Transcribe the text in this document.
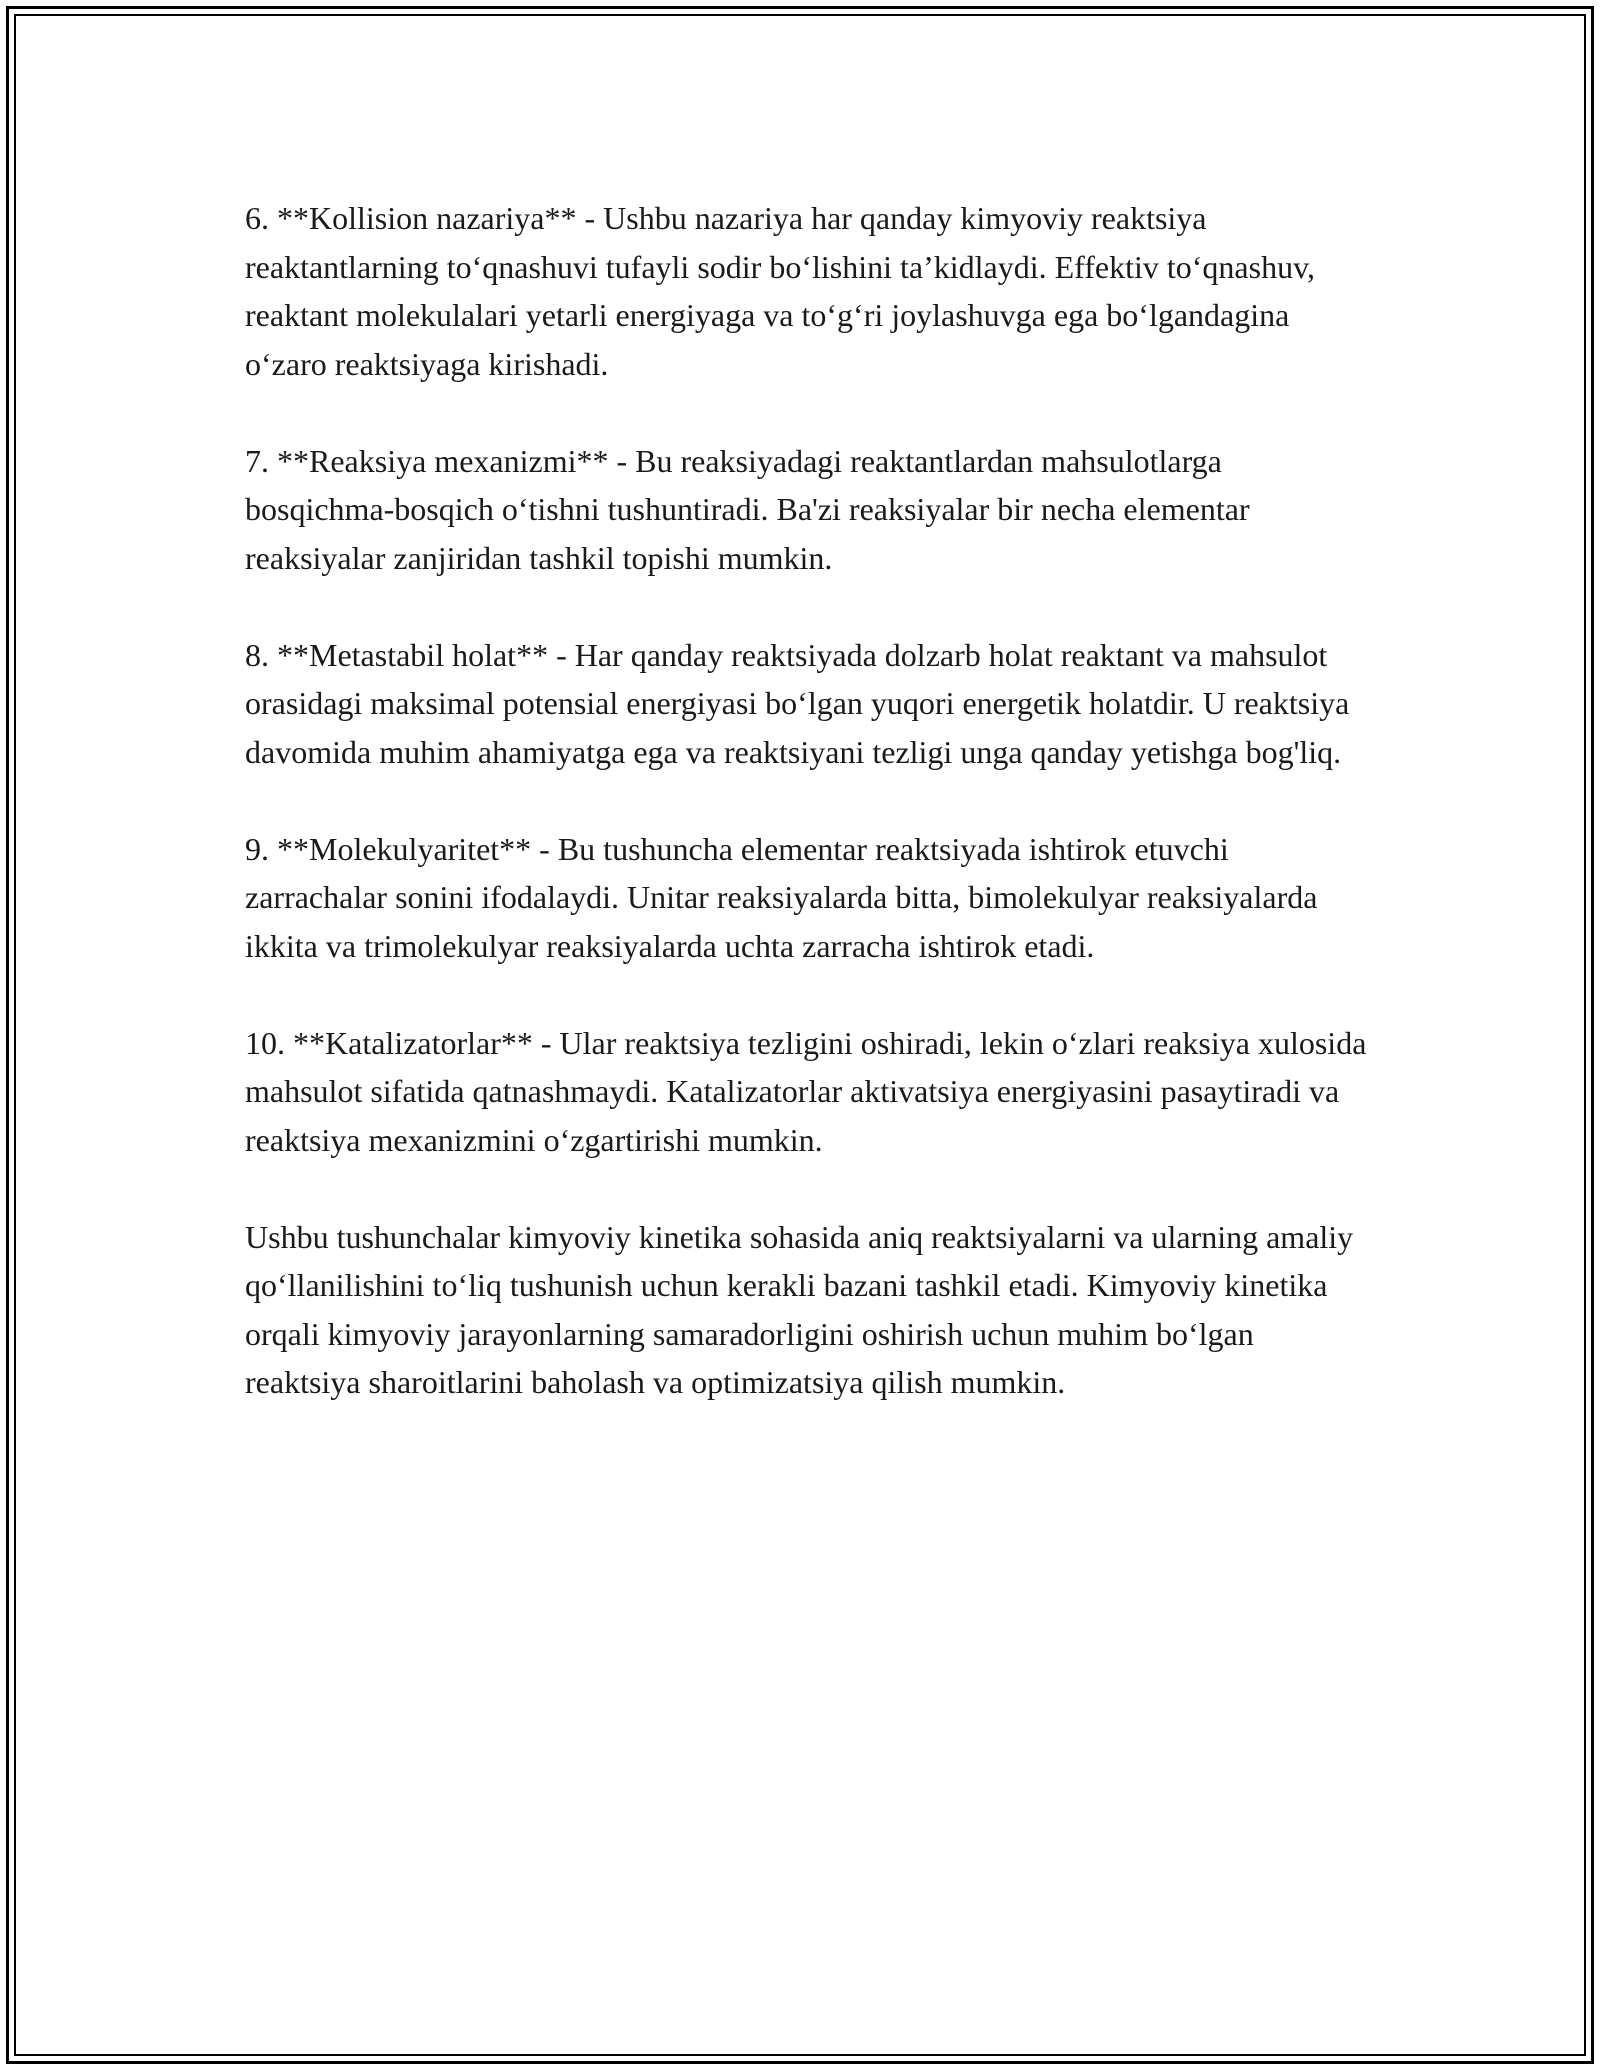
6. **Kollision nazariya** - Ushbu nazariya har qanday kimyoviy reaktsiya reaktantlarning to‘qnashuvi tufayli sodir bo‘lishini ta’kidlaydi. Effektiv to‘qnashuv, reaktant molekulalari yetarli energiyaga va to‘g‘ri joylashuvga ega bo‘lgandagina o‘zaro reaktsiyaga kirishadi.

7. **Reaksiya mexanizmi** - Bu reaksiyadagi reaktantlardan mahsulotlarga bosqichma-bosqich o‘tishni tushuntiradi. Ba'zi reaksiyalar bir necha elementar reaksiyalar zanjiridan tashkil topishi mumkin.

8. **Metastabil holat** - Har qanday reaktsiyada dolzarb holat reaktant va mahsulot orasidagi maksimal potensial energiyasi bo‘lgan yuqori energetik holatdir. U reaktsiya davomida muhim ahamiyatga ega va reaktsiyani tezligi unga qanday yetishga bog'liq.

9. **Molekulyaritet** - Bu tushuncha elementar reaktsiyada ishtirok etuvchi zarrachalar sonini ifodalaydi. Unitar reaksiyalarda bitta, bimolekulyar reaksiyalarda ikkita va trimolekulyar reaksiyalarda uchta zarracha ishtirok etadi.

10. **Katalizatorlar** - Ular reaktsiya tezligini oshiradi, lekin o‘zlari reaksiya xulosida mahsulot sifatida qatnashmaydi. Katalizatorlar aktivatsiya energiyasini pasaytiradi va reaktsiya mexanizmini o‘zgartirishi mumkin.

Ushbu tushunchalar kimyoviy kinetika sohasida aniq reaktsiyalarni va ularning amaliy qo‘llanilishini to‘liq tushunish uchun kerakli bazani tashkil etadi. Kimyoviy kinetika orqali kimyoviy jarayonlarning samaradorligini oshirish uchun muhim bo‘lgan reaktsiya sharoitlarini baholash va optimizatsiya qilish mumkin.
